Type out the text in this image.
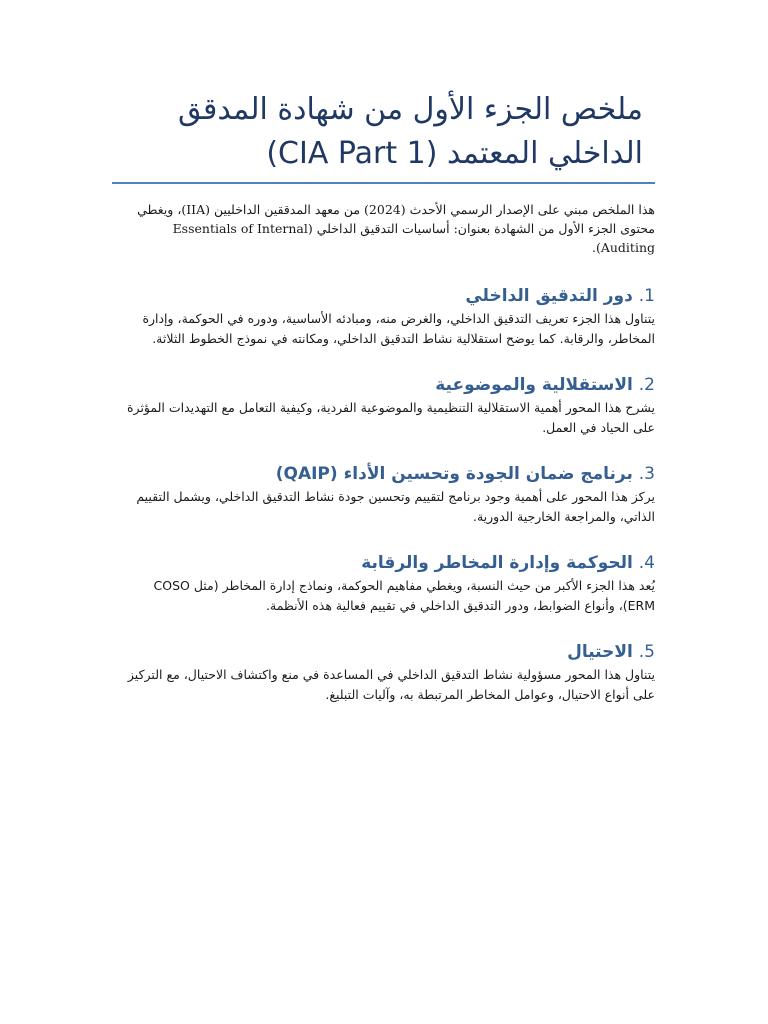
ملخص الجزء الأول من شهادة المدقق الداخلي المعتمد (CIA Part 1)

هذا الملخص مبني على الإصدار الرسمي الأحدث (2024) من معهد المدققين الداخليين (IIA)، ويغطي محتوى الجزء الأول من الشهادة بعنوان: أساسيات التدقيق الداخلي (Essentials of Internal Auditing).

1. دور التدقيق الداخلي

يتناول هذا الجزء تعريف التدقيق الداخلي، والغرض منه، ومبادئه الأساسية، ودوره في الحوكمة، وإدارة المخاطر، والرقابة. كما يوضح استقلالية نشاط التدقيق الداخلي، ومكانته في نموذج الخطوط الثلاثة.

2. الاستقلالية والموضوعية

يشرح هذا المحور أهمية الاستقلالية التنظيمية والموضوعية الفردية، وكيفية التعامل مع التهديدات المؤثرة على الحياد في العمل.

3. برنامج ضمان الجودة وتحسين الأداء (QAIP)

يركز هذا المحور على أهمية وجود برنامج لتقييم وتحسين جودة نشاط التدقيق الداخلي، ويشمل التقييم الذاتي، والمراجعة الخارجية الدورية.

4. الحوكمة وإدارة المخاطر والرقابة

يُعد هذا الجزء الأكبر من حيث النسبة، ويغطي مفاهيم الحوكمة، ونماذج إدارة المخاطر (مثل COSO ERM)، وأنواع الضوابط، ودور التدقيق الداخلي في تقييم فعالية هذه الأنظمة.

5. الاحتيال

يتناول هذا المحور مسؤولية نشاط التدقيق الداخلي في المساعدة في منع واكتشاف الاحتيال، مع التركيز على أنواع الاحتيال، وعوامل المخاطر المرتبطة به، وآليات التبليغ.
